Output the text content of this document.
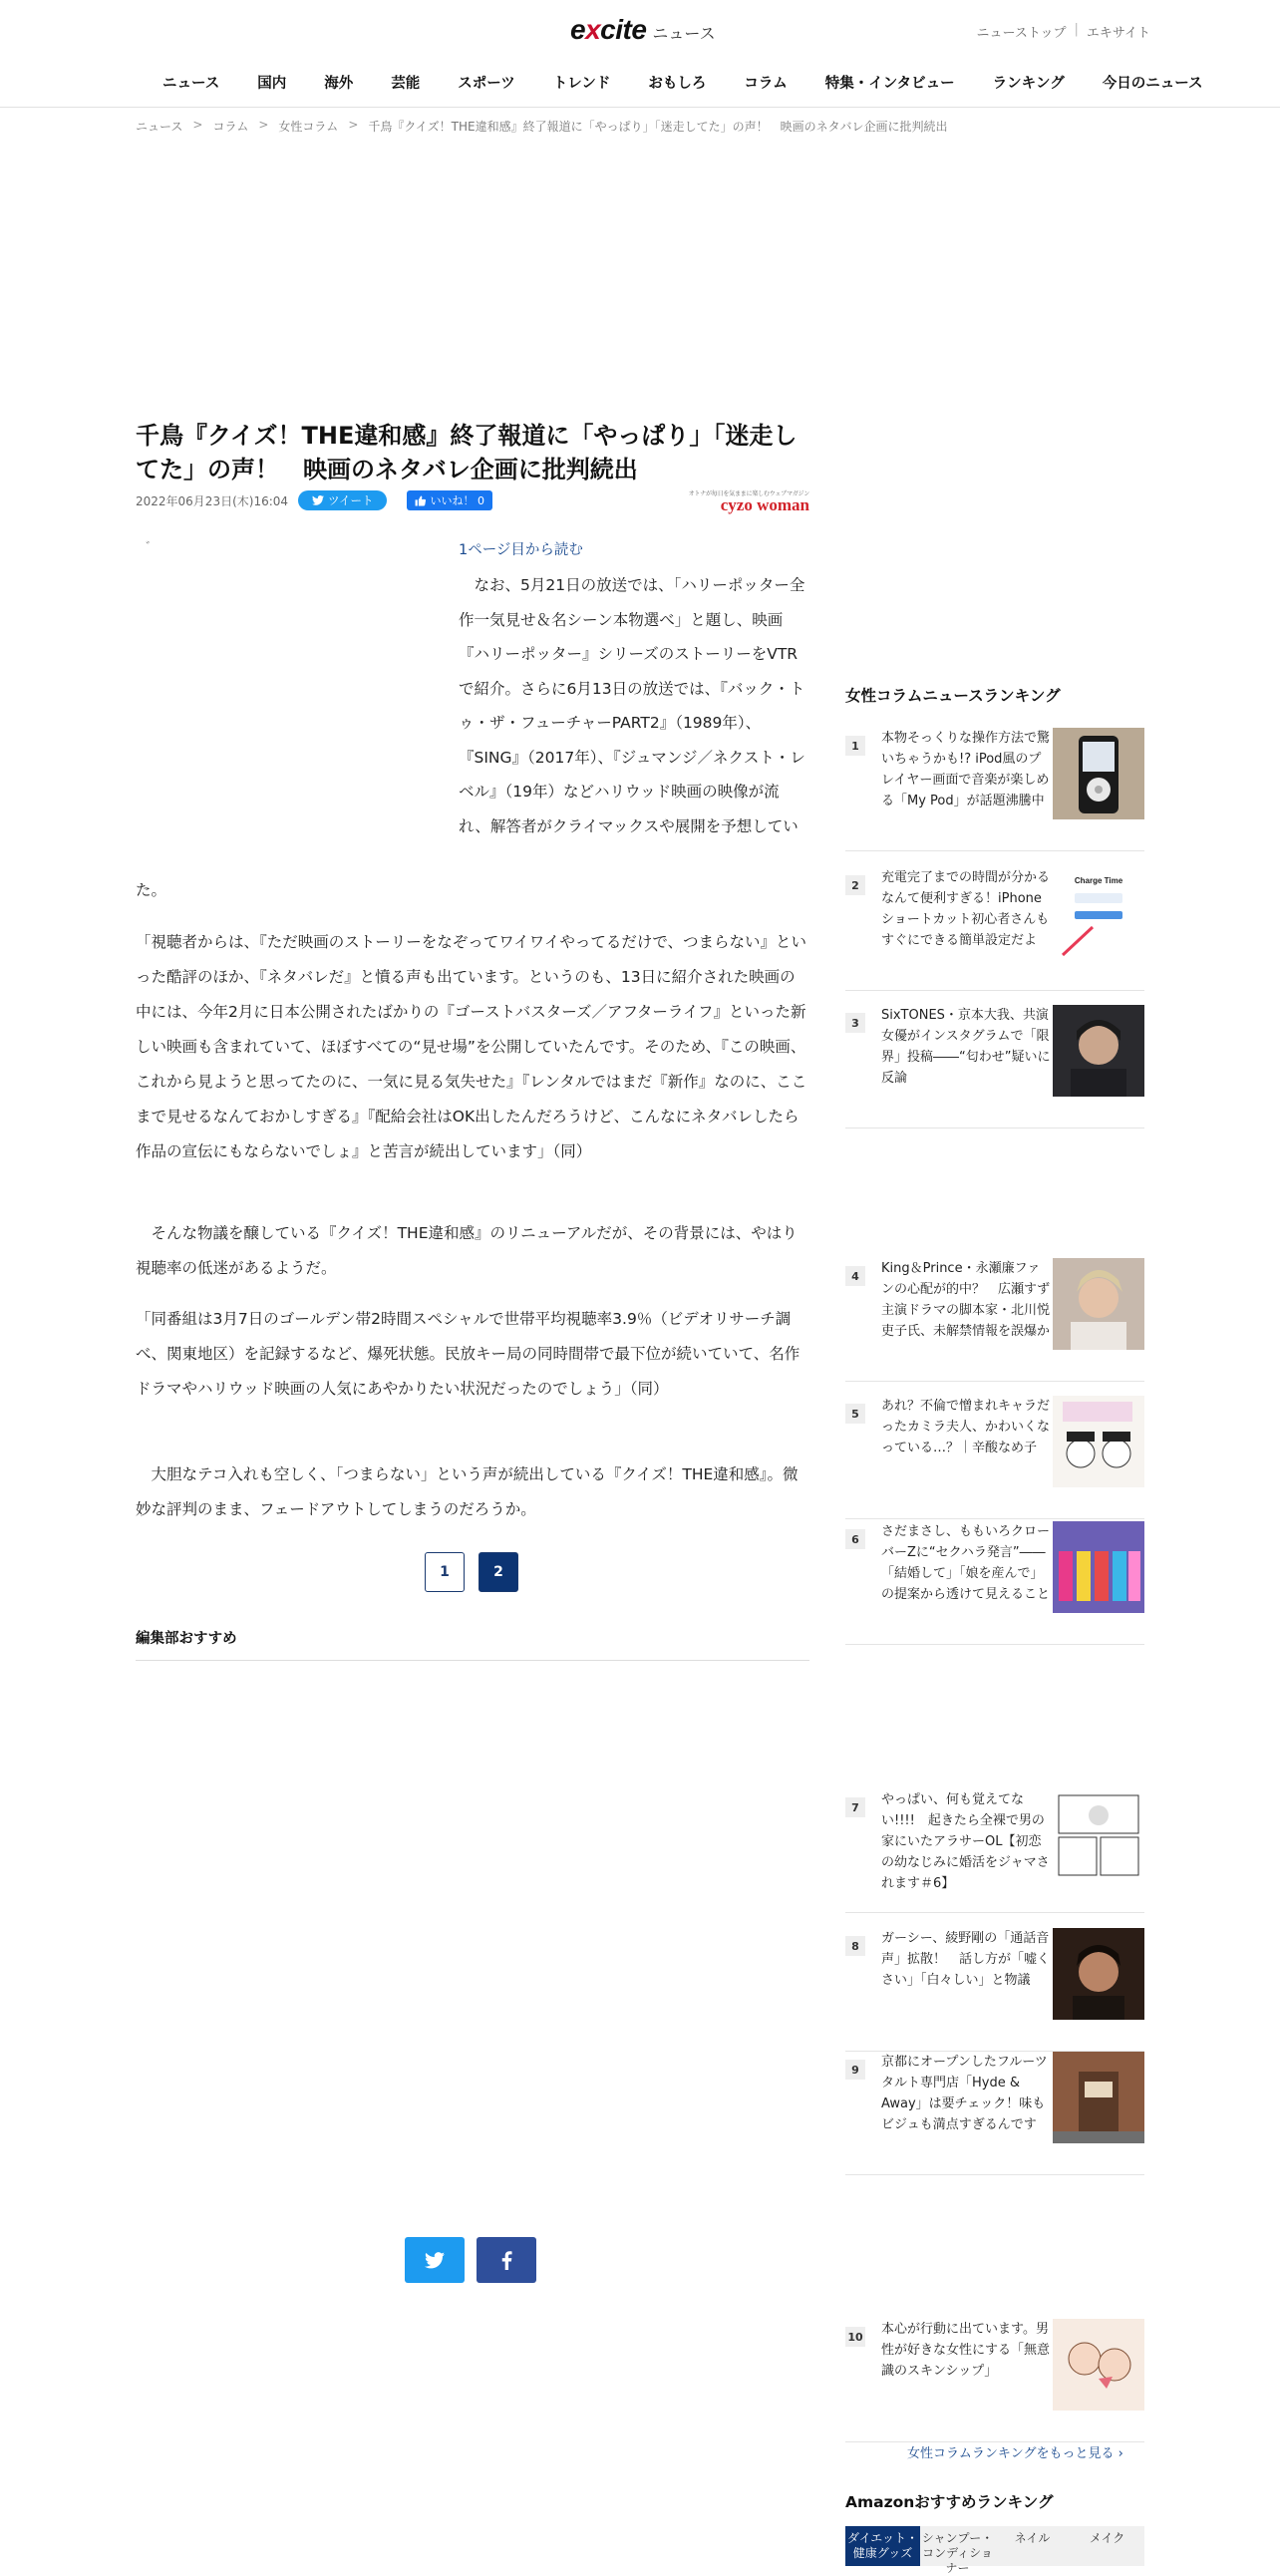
excite ニュース	ニューストップ | エキサイト
ニュース	国内	海外	芸能	スポーツ	トレンド	おもしろ	コラム	特集・インタビュー	ランキング	今日のニュース
ニュース > コラム > 女性コラム > 千鳥『クイズ！THE違和感』終了報道に「やっぱり」「迷走してた」の声！　映画のネタバレ企画に批判続出
千鳥『クイズ！THE違和感』終了報道に「やっぱり」「迷走してた」の声！　映画のネタバレ企画に批判続出
2022年06月23日(木)16:04	ツイート	いいね！ 0
オトナが毎日を気ままに楽しむウェブマガジン
cyzo woman
゛	1ページ目から読む

なお、5月21日の放送では、「ハリーポッター全作一気見せ＆名シーン本物選べ」と題し、映画『ハリーポッター』シリーズのストーリーをVTRで紹介。さらに6月13日の放送では、『バック・トゥ・ザ・フューチャーPART2』（1989年）、『SING』（2017年）、『ジュマンジ／ネクスト・レベル』（19年）などハリウッド映画の映像が流れ、解答者がクライマックスや展開を予想してい

た。

「視聴者からは、『ただ映画のストーリーをなぞってワイワイやってるだけで、つまらない』といった酷評のほか、『ネタバレだ』と憤る声も出ています。というのも、13日に紹介された映画の中には、今年2月に日本公開されたばかりの『ゴーストバスターズ／アフターライフ』といった新しい映画も含まれていて、ほぼすべての“見せ場”を公開していたんです。そのため、『この映画、これから見ようと思ってたのに、一気に見る気失せた』『レンタルではまだ『新作』なのに、ここまで見せるなんておかしすぎる』『配給会社はOK出したんだろうけど、こんなにネタバレしたら作品の宣伝にもならないでしょ』と苦言が続出しています」（同）

そんな物議を醸している『クイズ！THE違和感』のリニューアルだが、その背景には、やはり視聴率の低迷があるようだ。

「同番組は3月7日のゴールデン帯2時間スペシャルで世帯平均視聴率3.9％（ビデオリサーチ調べ、関東地区）を記録するなど、爆死状態。民放キー局の同時間帯で最下位が続いていて、名作ドラマやハリウッド映画の人気にあやかりたい状況だったのでしょう」（同）

大胆なテコ入れも空しく、「つまらない」という声が続出している『クイズ！THE違和感』。微妙な評判のまま、フェードアウトしてしまうのだろうか。

1	2
編集部おすすめ
女性コラムニュースランキング
1	本物そっくりな操作方法で驚いちゃうかも!? iPod風のプレイヤー画面で音楽が楽しめる「My Pod」が話題沸騰中
2	充電完了までの時間が分かるなんて便利すぎる！iPhoneショートカット初心者さんもすぐにできる簡単設定だよ
Charge Time
3	SixTONES・京本大我、共演女優がインスタグラムで「限界」投稿――“匂わせ”疑いに反論
4	King＆Prince・永瀬廉ファンの心配が的中？　広瀬すず主演ドラマの脚本家・北川悦吏子氏、未解禁情報を誤爆か
5	あれ？不倫で憎まれキャラだったカミラ夫人、かわいくなっている…？｜辛酸なめ子
6	さだまさし、ももいろクローバーZに“セクハラ発言”――「結婚して」「娘を産んで」の提案から透けて見えること
7	やっぱい、何も覚えてない!!!!　起きたら全裸で男の家にいたアラサーOL【初恋の幼なじみに婚活をジャマされます＃6】
8	ガーシー、綾野剛の「通話音声」拡散！　話し方が「嘘くさい」「白々しい」と物議
9	京都にオープンしたフルーツタルト専門店「Hyde & Away」は要チェック！味もビジュも満点すぎるんです
10 本心が行動に出ています。男性が好きな女性にする「無意識のスキンシップ」
女性コラムランキングをもっと見る ›
Amazonおすすめランキング
ダイエット・健康グッズ
シャンプー・コンディショナー
ネイル	メイク
